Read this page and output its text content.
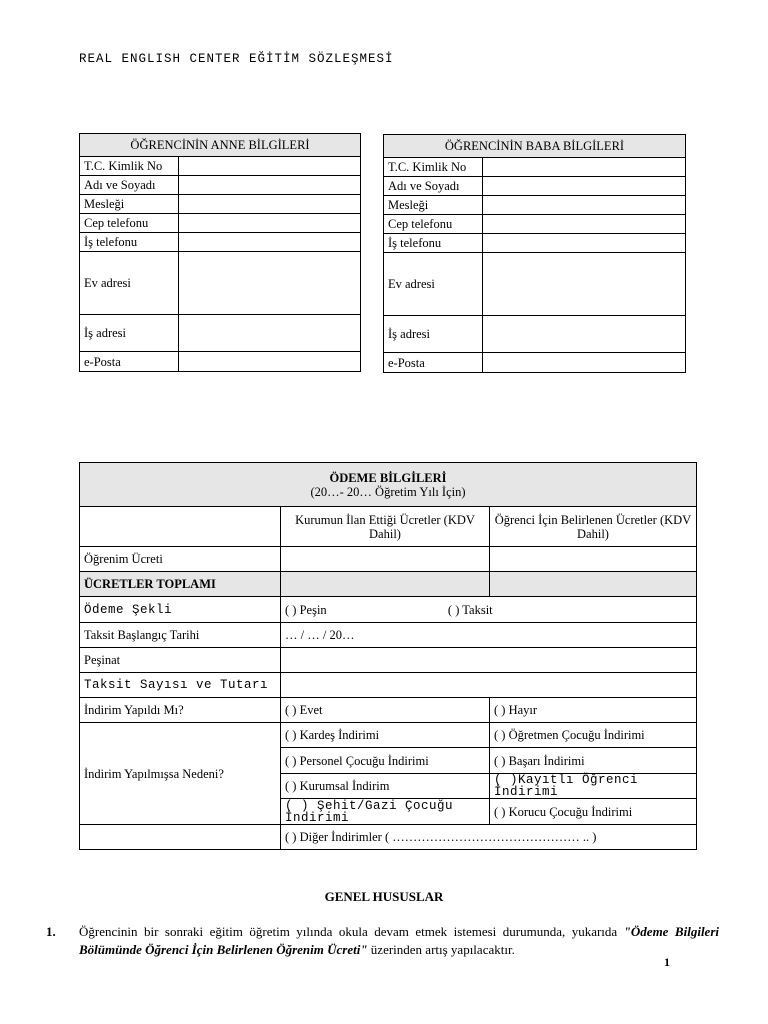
REAL ENGLISH CENTER EĞİTİM SÖZLEŞMESİ
ÖĞRENCİNİN ANNE BİLGİLERİ	
T.C. Kimlik No	
Adı ve Soyadı	
Mesleği	
Cep telefonu	
İş telefonu	
Ev adresi	
İş adresi	
e-Posta	
ÖĞRENCİNİN BABA BİLGİLERİ	
T.C. Kimlik No	
Adı ve Soyadı	
Mesleği	
Cep telefonu	
İş telefonu	
Ev adresi	
İş adresi	
e-Posta	
ÖDEME BİLGİLERİ
(20…- 20… Öğretim Yılı İçin)		

	Kurumun İlan Ettiği Ücretler (KDV Dahil)	Öğrenci İçin Belirlenen Ücretler (KDV Dahil)
Öğrenim Ücreti		
ÜCRETLER TOPLAMI		
Ödeme Şekli	( ) Peşin ( ) Taksit	
Taksit Başlangıç Tarihi	… / … / 20…	
Peşinat		
Taksit Sayısı ve Tutarı		
İndirim Yapıldı Mı?	( ) Evet	( ) Hayır
İndirim Yapılmışsa Nedeni?	( ) Kardeş İndirimi	( ) Öğretmen Çocuğu İndirimi
	( ) Personel Çocuğu İndirimi	( ) Başarı İndirimi
	( ) Kurumsal İndirim	( )Kayıtlı Öğrenci İndirimi
	( ) Şehit/Gazi Çocuğu İndirimi	( ) Korucu Çocuğu İndirimi
	( ) Diğer İndirimler ( ……………………………………… .. )	
GENEL HUSUSLAR
1. Öğrencinin bir sonraki eğitim öğretim yılında okula devam etmek istemesi durumunda, yukarıda "Ödeme Bilgileri Bölümünde Öğrenci İçin Belirlenen Öğrenim Ücreti" üzerinden artış yapılacaktır.
1
